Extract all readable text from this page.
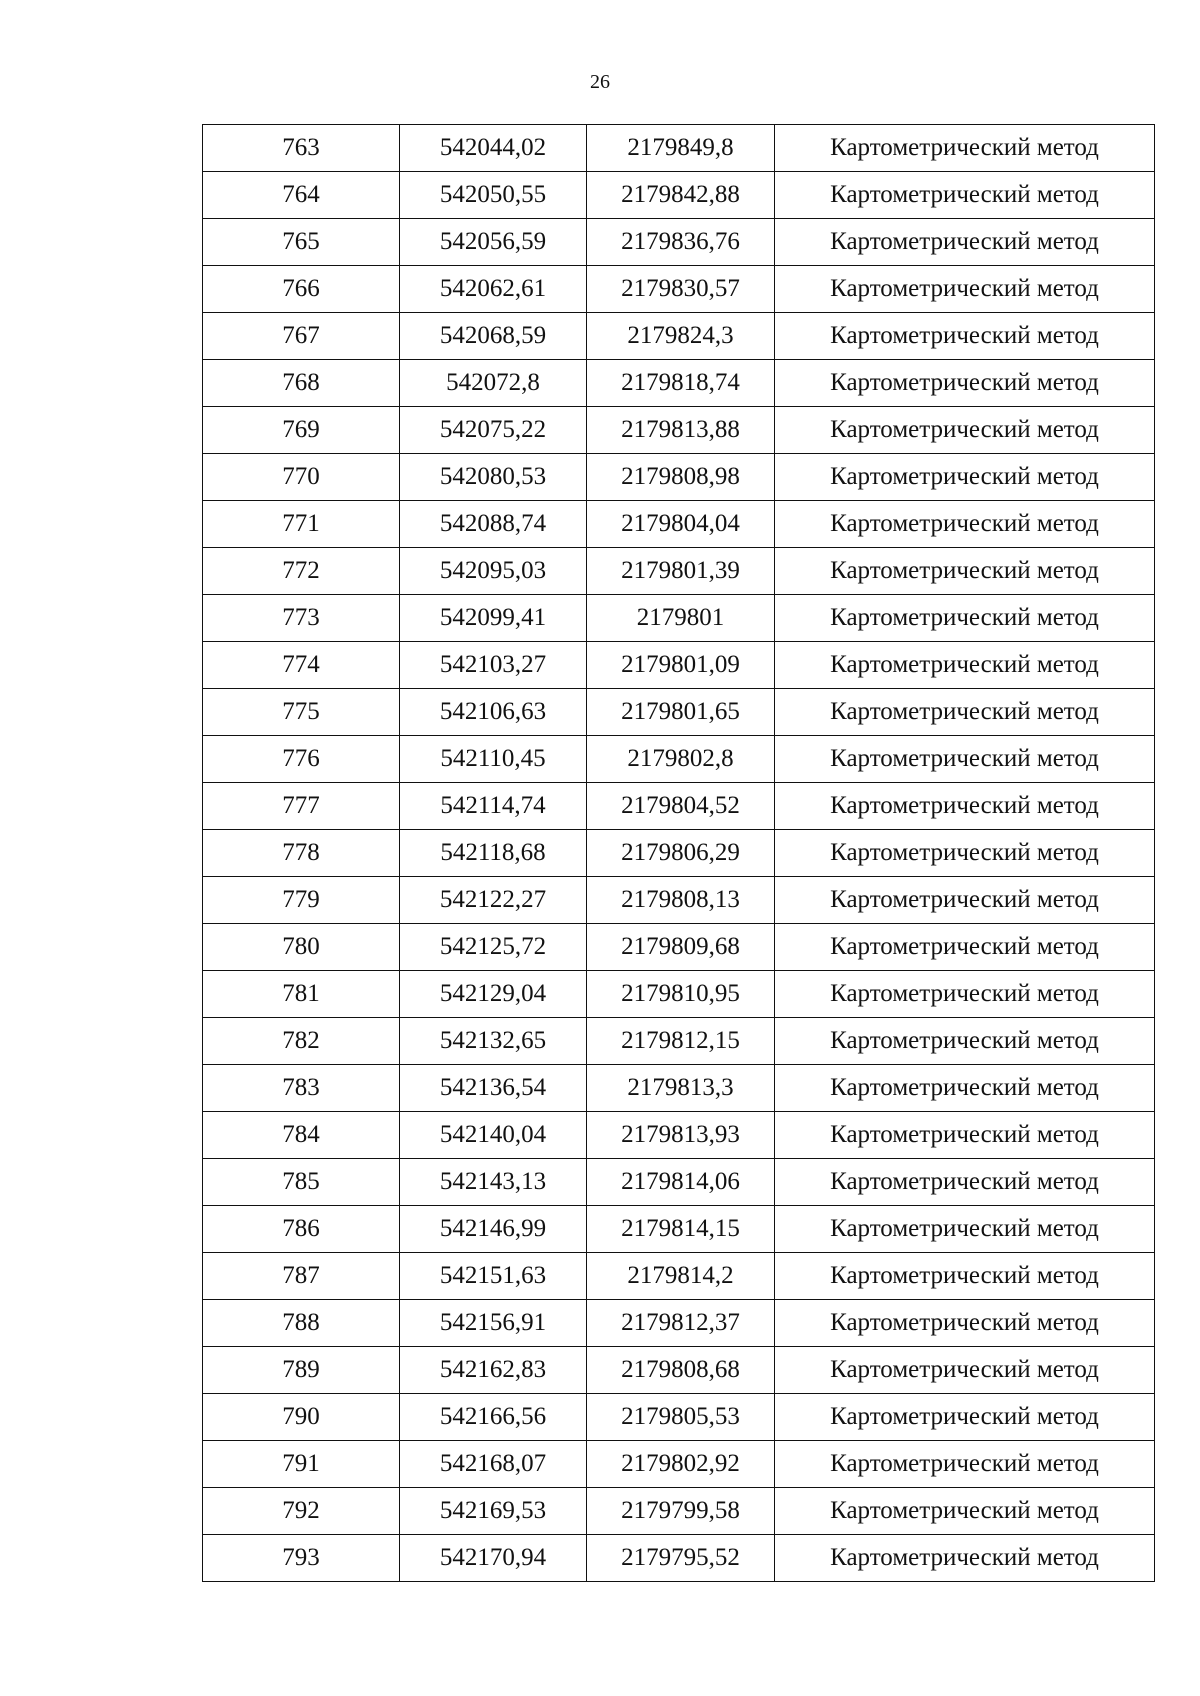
26
763	542044,02	2179849,8	Картометрический метод
764	542050,55	2179842,88	Картометрический метод
765	542056,59	2179836,76	Картометрический метод
766	542062,61	2179830,57	Картометрический метод
767	542068,59	2179824,3	Картометрический метод
768	542072,8	2179818,74	Картометрический метод
769	542075,22	2179813,88	Картометрический метод
770	542080,53	2179808,98	Картометрический метод
771	542088,74	2179804,04	Картометрический метод
772	542095,03	2179801,39	Картометрический метод
773	542099,41	2179801	Картометрический метод
774	542103,27	2179801,09	Картометрический метод
775	542106,63	2179801,65	Картометрический метод
776	542110,45	2179802,8	Картометрический метод
777	542114,74	2179804,52	Картометрический метод
778	542118,68	2179806,29	Картометрический метод
779	542122,27	2179808,13	Картометрический метод
780	542125,72	2179809,68	Картометрический метод
781	542129,04	2179810,95	Картометрический метод
782	542132,65	2179812,15	Картометрический метод
783	542136,54	2179813,3	Картометрический метод
784	542140,04	2179813,93	Картометрический метод
785	542143,13	2179814,06	Картометрический метод
786	542146,99	2179814,15	Картометрический метод
787	542151,63	2179814,2	Картометрический метод
788	542156,91	2179812,37	Картометрический метод
789	542162,83	2179808,68	Картометрический метод
790	542166,56	2179805,53	Картометрический метод
791	542168,07	2179802,92	Картометрический метод
792	542169,53	2179799,58	Картометрический метод
793	542170,94	2179795,52	Картометрический метод
